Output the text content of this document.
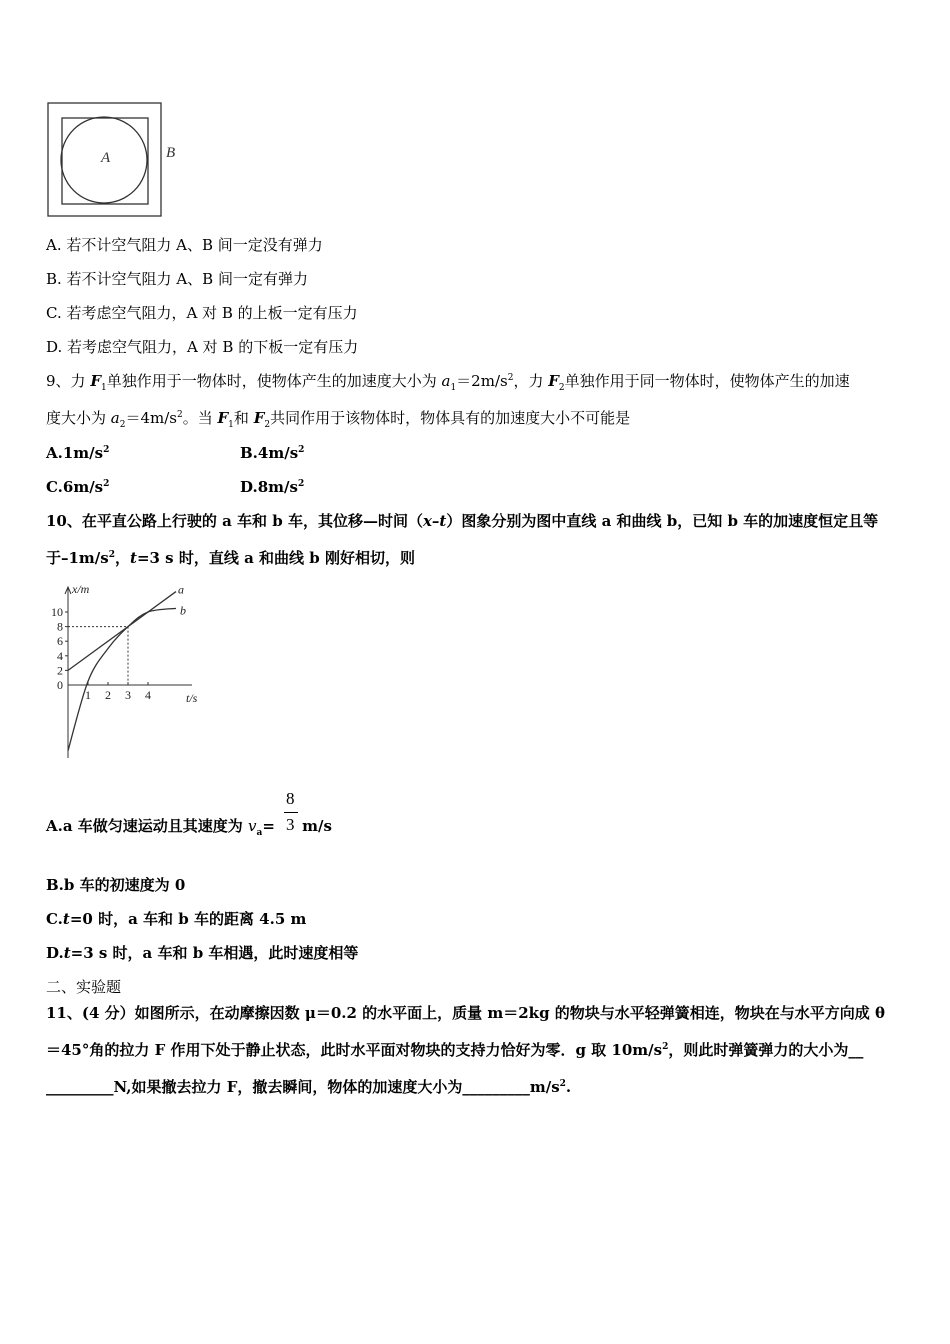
A	B
A. 若不计空气阻力 A、B 间一定没有弹力
B. 若不计空气阻力 A、B 间一定有弹力
C. 若考虑空气阻力，A 对 B 的上板一定有压力
D. 若考虑空气阻力，A 对 B 的下板一定有压力
9、力 $F_1$单独作用于一物体时，使物体产生的加速度大小为 $a_1=2m/s^2$，力 $F_2$单独作用于同一物体时，使物体产生的加速
度大小为 $a_2=4m/s^2$。当 $F_1$和 $F_2$共同作用于该物体时，物体具有的加速度大小不可能是
$A.1m/s^2$	$B.4m/s^2$
$C.6m/s^2$	$D.8m/s^2$
10、在平直公路上行驶的 a 车和 b 车，其位移—时间（x–t）图象分别为图中直线 a 和曲线 b，已知 b 车的加速度恒定且等
于$-1m/s^2$，t=3 s 时，直线 a 和曲线 b 刚好相切，则
x/m
t/s
0
2
4
6
8
10
1 2 3 4
a
b
A.a 车做匀速运动且其速度为 $v_a= m/s$
8
3
B.b 车的初速度为 0
C.t=0 时，a 车和 b 车的距离 4.5 m
D.t=3 s 时，a 车和 b 车相遇，此时速度相等
二、实验题
11、(4 分）如图所示，在动摩擦因数 μ＝0.2 的水平面上，质量 m＝2kg 的物块与水平轻弹簧相连，物块在与水平方向成 θ
＝45°角的拉力 F 作用下处于静止状态，此时水平面对物块的支持力恰好为零．g 取 $10m/s^2$，则此时弹簧弹力的大小为__
_________N,如果撤去拉力 F，撤去瞬间，物体的加速度大小为$\_\_\_\_\_\_\_\_\_m/s^2$.
